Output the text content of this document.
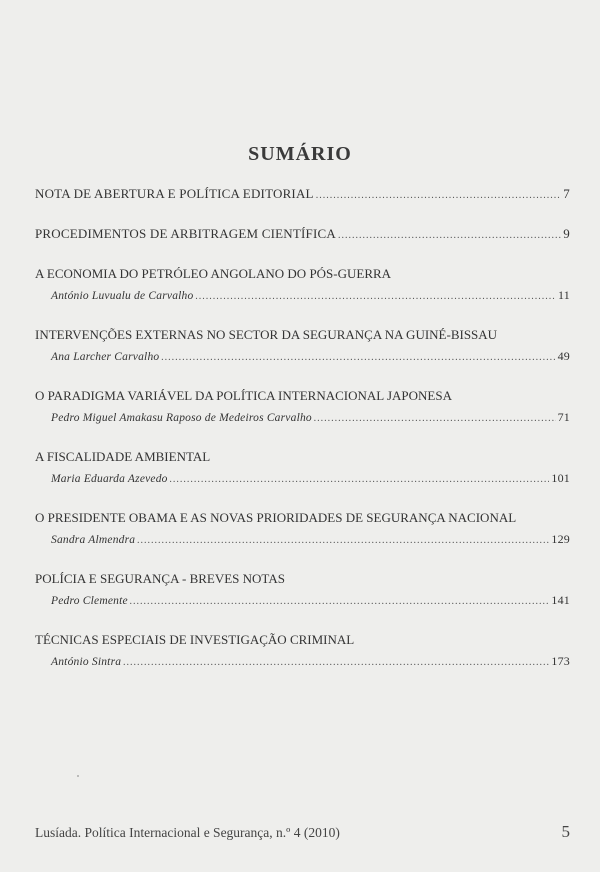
SUMÁRIO
NOTA DE ABERTURA E POLÍTICA EDITORIAL .....	7
PROCEDIMENTOS DE ARBITRAGEM CIENTÍFICA .....	9
A ECONOMIA DO PETRÓLEO ANGOLANO DO PÓS-GUERRA
António Luvualu de Carvalho .....	11
INTERVENÇÕES EXTERNAS NO SECTOR DA SEGURANÇA NA GUINÉ-BISSAU
Ana Larcher Carvalho .....	49
O PARADIGMA VARIÁVEL DA POLÍTICA INTERNACIONAL JAPONESA
Pedro Miguel Amakasu Raposo de Medeiros Carvalho .....	71
A FISCALIDADE AMBIENTAL
Maria Eduarda Azevedo .....	101
O PRESIDENTE OBAMA E AS NOVAS PRIORIDADES DE SEGURANÇA NACIONAL
Sandra Almendra .....	129
POLÍCIA E SEGURANÇA - BREVES NOTAS
Pedro Clemente .....	141
TÉCNICAS ESPECIAIS DE INVESTIGAÇÃO CRIMINAL
António Sintra .....	173
Lusíada. Política Internacional e Segurança, n.º 4 (2010)	5
